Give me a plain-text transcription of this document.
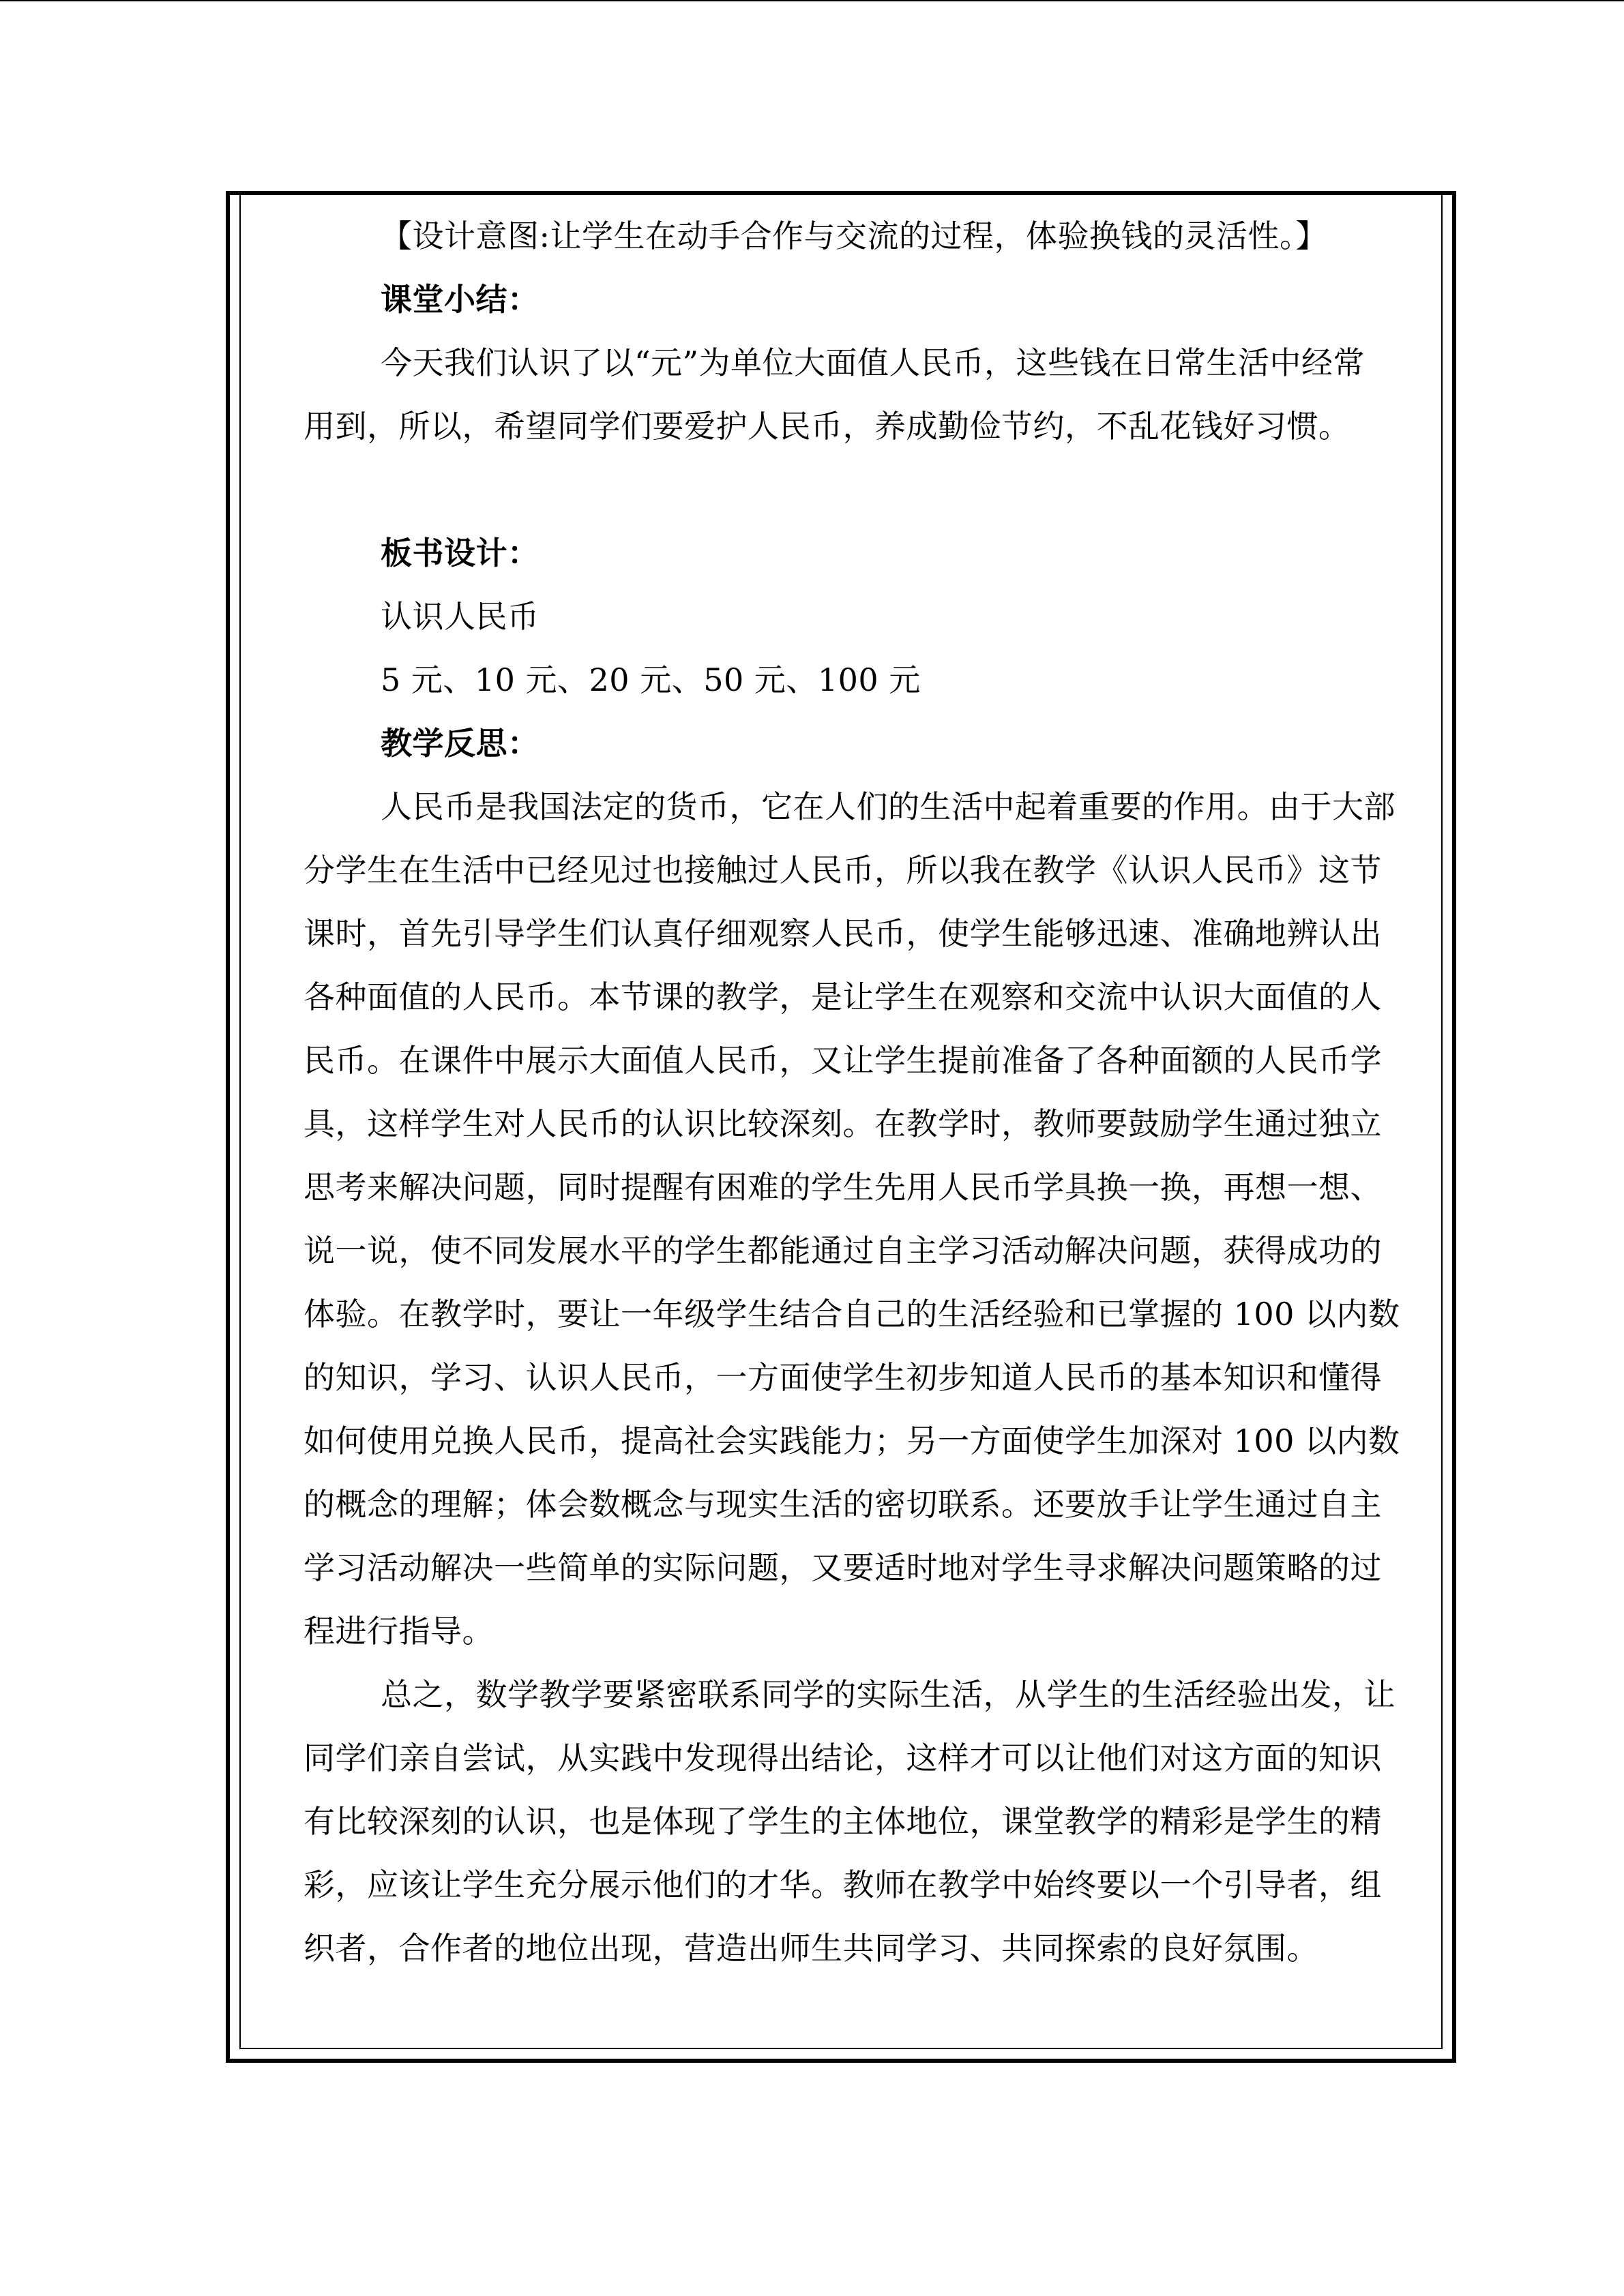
【设计意图:让学生在动手合作与交流的过程，体验换钱的灵活性。】
课堂小结：
今天我们认识了以“元”为单位大面值人民币，这些钱在日常生活中经常
用到，所以，希望同学们要爱护人民币，养成勤俭节约，不乱花钱好习惯。
板书设计：
认识人民币
5 元、10 元、20 元、50 元、100 元
教学反思：
人民币是我国法定的货币，它在人们的生活中起着重要的作用。由于大部
分学生在生活中已经见过也接触过人民币，所以我在教学《认识人民币》这节
课时，首先引导学生们认真仔细观察人民币，使学生能够迅速、准确地辨认出
各种面值的人民币。本节课的教学，是让学生在观察和交流中认识大面值的人
民币。在课件中展示大面值人民币，又让学生提前准备了各种面额的人民币学
具，这样学生对人民币的认识比较深刻。在教学时，教师要鼓励学生通过独立
思考来解决问题，同时提醒有困难的学生先用人民币学具换一换，再想一想、
说一说，使不同发展水平的学生都能通过自主学习活动解决问题，获得成功的
体验。在教学时，要让一年级学生结合自己的生活经验和已掌握的 100 以内数
的知识，学习、认识人民币，一方面使学生初步知道人民币的基本知识和懂得
如何使用兑换人民币，提高社会实践能力；另一方面使学生加深对 100 以内数
的概念的理解；体会数概念与现实生活的密切联系。还要放手让学生通过自主
学习活动解决一些简单的实际问题，又要适时地对学生寻求解决问题策略的过
程进行指导。
总之，数学教学要紧密联系同学的实际生活，从学生的生活经验出发，让
同学们亲自尝试，从实践中发现得出结论，这样才可以让他们对这方面的知识
有比较深刻的认识，也是体现了学生的主体地位，课堂教学的精彩是学生的精
彩，应该让学生充分展示他们的才华。教师在教学中始终要以一个引导者，组
织者，合作者的地位出现，营造出师生共同学习、共同探索的良好氛围。
